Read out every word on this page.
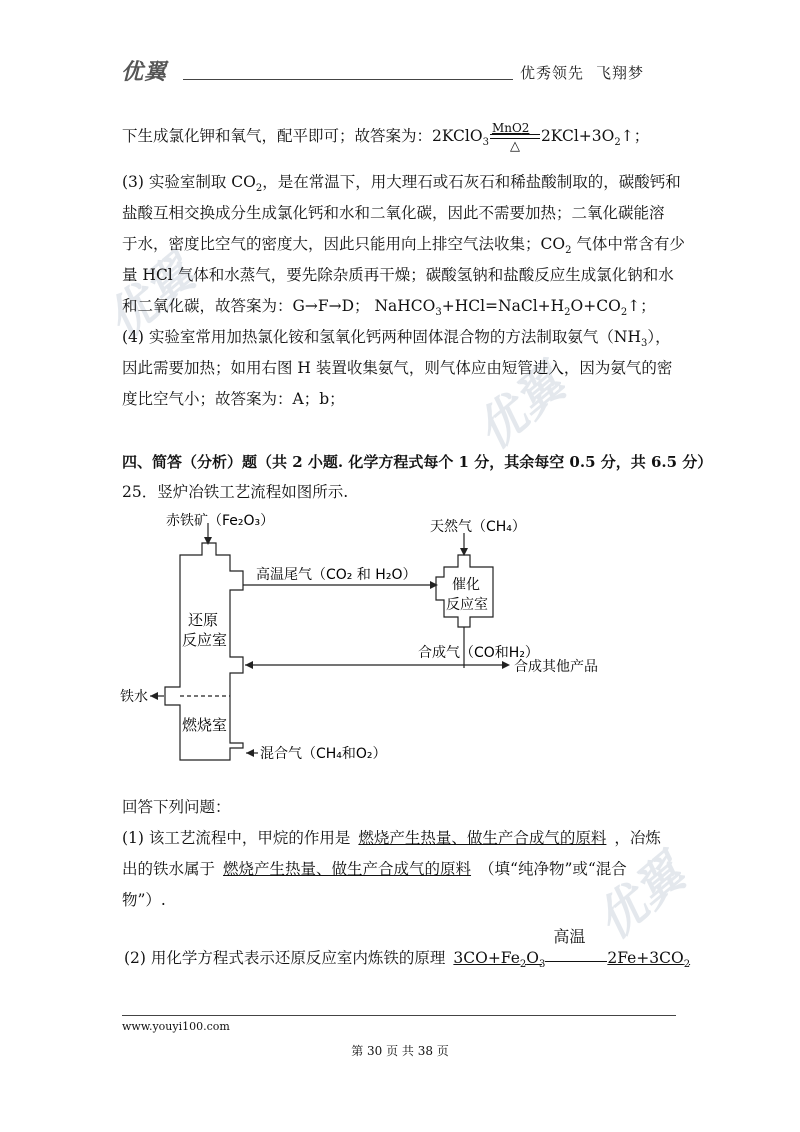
优翼	优秀领先 飞翔梦
优翼
优翼
优翼
下生成氯化钾和氧气，配平即可；故答案为：2KClO$_3$
MnO2
△
$2KCl+3O_2↑$；
(3) 实验室制取 $CO_2$，是在常温下，用大理石或石灰石和稀盐酸制取的，碳酸钙和
盐酸互相交换成分生成氯化钙和水和二氧化碳，因此不需要加热；二氧化碳能溶
于水，密度比空气的密度大，因此只能用向上排空气法收集；$CO_2$ 气体中常含有少
量 HCl 气体和水蒸气，要先除杂质再干燥；碳酸氢钠和盐酸反应生成氯化钠和水
和二氧化碳，故答案为：G→F→D； $NaHCO_3+HCl=NaCl+H_2O+CO_2↑$；
(4) 实验室常用加热氯化铵和氢氧化钙两种固体混合物的方法制取氨气$(NH_3)$，
因此需要加热；如用右图 H 装置收集氨气，则气体应由短管进入，因为氨气的密
度比空气小；故答案为：A；b；
四、简答（分析）题（共 2 小题. 化学方程式每个 1 分，其余每空 0.5 分，共 6.5 分）
25．竖炉冶铁工艺流程如图所示.
赤铁矿（Fe₂O₃）	天然气（CH₄）
高温尾气（CO₂ 和 H₂O）
催化
反应室
还原
反应室
合成气（CO和H₂）
合成其他产品
铁水
燃烧室
混合气（CH₄和O₂）
回答下列问题：
(1) 该工艺流程中，甲烷的作用是 燃烧产生热量、做生产合成气的原料 ，冶炼
出的铁水属于 燃烧产生热量、做生产合成气的原料 （填“纯净物”或“混合
物”）.
(2) 用化学方程式表示还原反应室内炼铁的原理 $3CO+Fe_2O_3$
高温
$2Fe+3CO_2$
www.youyi100.com
第 30 页 共 38 页
